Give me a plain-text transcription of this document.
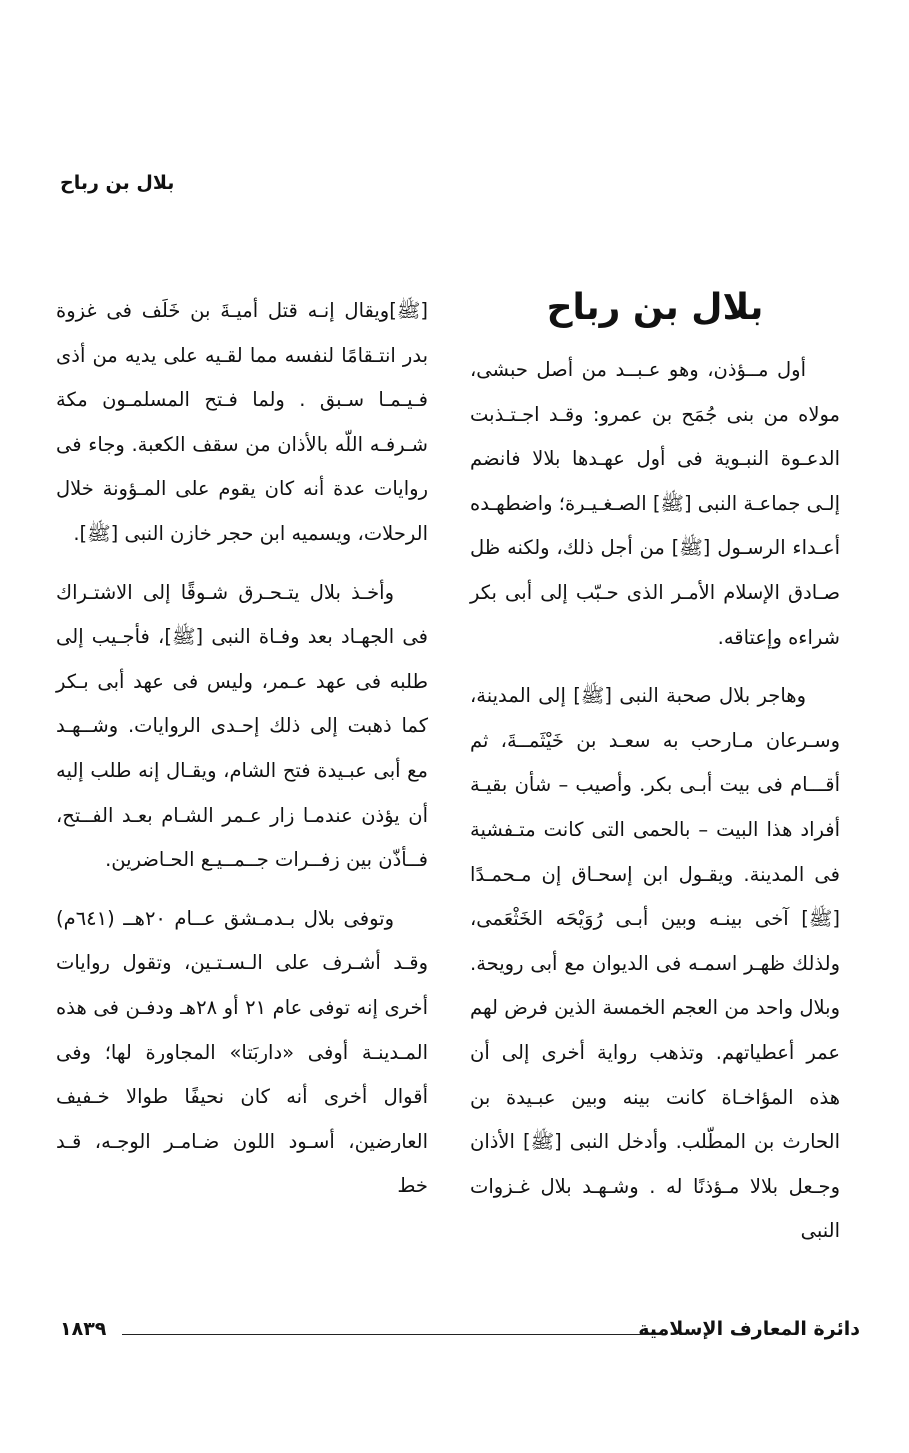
بلال بن رباح
بلال بن رباح

أول مــؤذن، وهو عـبــد من أصل حبشى، مولاه من بنى جُمَح بن عمرو: وقـد اجـتـذبت الدعـوة النبـوية فى أول عهـدها بلالا فانضم إلـى جماعـة النبى [ﷺ] الصـغـيـرة؛ واضطهـده أعـداء الرسـول [ﷺ] من أجل ذلك، ولكنه ظل صـادق الإسلام الأمـر الذى حـبّب إلى أبى بكر شراءه وإعتاقه.

وهاجر بلال صحبة النبى [ﷺ] إلى المدينة، وسـرعان مـارحب به سعـد بن خَيْثَمــةَ، ثم أقـــام فى بيت أبـى بكر. وأصيب – شأن بقيـة أفراد هذا البيت – بالحمى التى كانت متـفشية فى المدينة. ويقـول ابن إسحـاق إن مـحمـدًا [ﷺ] آخى بينـه وبين أبـى رُوَيْحَه الخَثْعَمى، ولذلك ظهـر اسمـه فى الديوان مع أبى رويحة. وبلال واحد من العجم الخمسة الذين فرض لهم عمر أعطياتهم. وتذهب رواية أخرى إلى أن هذه المؤاخـاة كانت بينه وبين عبـيدة بن الحارث بن المطّلب. وأدخل النبى [ﷺ] الأذان وجـعل بلالا مـؤذنًا له . وشـهـد بلال غـزوات النبى

[ﷺ]ويقال إنـه قتل أميـةَ بن خَلَف فى غزوة بدر انتـقامًا لنفسه مما لقـيه على يديه من أذى فـيـمـا سـبق . ولما فـتح المسلمـون مكة شـرفـه اللّه بالأذان من سقف الكعبة. وجاء فى روايات عدة أنه كان يقوم على المـؤونة خلال الرحلات، ويسميه ابن حجر خازن النبى [ﷺ].

وأخـذ بلال يتـحـرق شـوقًا إلى الاشتـراك فى الجهـاد بعد وفـاة النبى [ﷺ]، فأجـيب إلى طلبه فى عهد عـمر، وليس فى عهد أبى بـكر كما ذهبت إلى ذلك إحـدى الروايات. وشــهـد مع أبى عبـيدة فتح الشام، ويقـال إنه طلب إليه أن يؤذن عندمـا زار عـمر الشـام بعـد الفــتح، فــأذّن بين زفــرات جــمــيـع الحـاضرين.

وتوفى بلال بـدمـشق عــام ٢٠هــ (٦٤١م) وقـد أشـرف على الـسـتـين، وتقول روايات أخرى إنه توفى عام ٢١ أو ٢٨هـ ودفـن فى هذه المـدينـة أوفى «داربَتا» المجاورة لها؛ وفى أقوال أخرى أنه كان نحيفًا طوالا خـفيف العارضين، أسـود اللون ضـامـر الوجـه، قـد خط

دائرة المعارف الإسلامية
١٨٣٩
